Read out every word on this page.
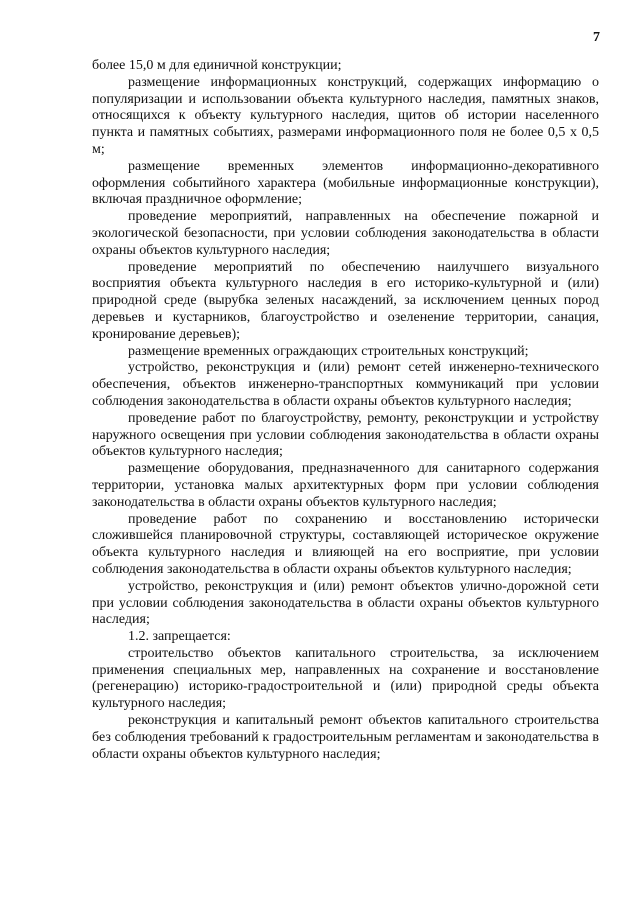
7

более 15,0 м для единичной конструкции;

размещение информационных конструкций, содержащих информацию о популяризации и использовании объекта культурного наследия, памятных знаков, относящихся к объекту культурного наследия, щитов об истории населенного пункта и памятных событиях, размерами информационного поля не более 0,5 х 0,5 м;

размещение временных элементов информационно-декоративного оформления событийного характера (мобильные информационные конструкции), включая праздничное оформление;

проведение мероприятий, направленных на обеспечение пожарной и экологической безопасности, при условии соблюдения законодательства в области охраны объектов культурного наследия;

проведение мероприятий по обеспечению наилучшего визуального восприятия объекта культурного наследия в его историко-культурной и (или) природной среде (вырубка зеленых насаждений, за исключением ценных пород деревьев и кустарников, благоустройство и озеленение территории, санация, кронирование деревьев);

размещение временных ограждающих строительных конструкций;

устройство, реконструкция и (или) ремонт сетей инженерно-технического обеспечения, объектов инженерно-транспортных коммуникаций при условии соблюдения законодательства в области охраны объектов культурного наследия;

проведение работ по благоустройству, ремонту, реконструкции и устройству наружного освещения при условии соблюдения законодательства в области охраны объектов культурного наследия;

размещение оборудования, предназначенного для санитарного содержания территории, установка малых архитектурных форм при условии соблюдения законодательства в области охраны объектов культурного наследия;

проведение работ по сохранению и восстановлению исторически сложившейся планировочной структуры, составляющей историческое окружение объекта культурного наследия и влияющей на его восприятие, при условии соблюдения законодательства в области охраны объектов культурного наследия;

устройство, реконструкция и (или) ремонт объектов улично-дорожной сети при условии соблюдения законодательства в области охраны объектов культурного наследия;

1.2. запрещается:

строительство объектов капитального строительства, за исключением применения специальных мер, направленных на сохранение и восстановление (регенерацию) историко-градостроительной и (или) природной среды объекта культурного наследия;

реконструкция и капитальный ремонт объектов капитального строительства без соблюдения требований к градостроительным регламентам и законодательства в области охраны объектов культурного наследия;
